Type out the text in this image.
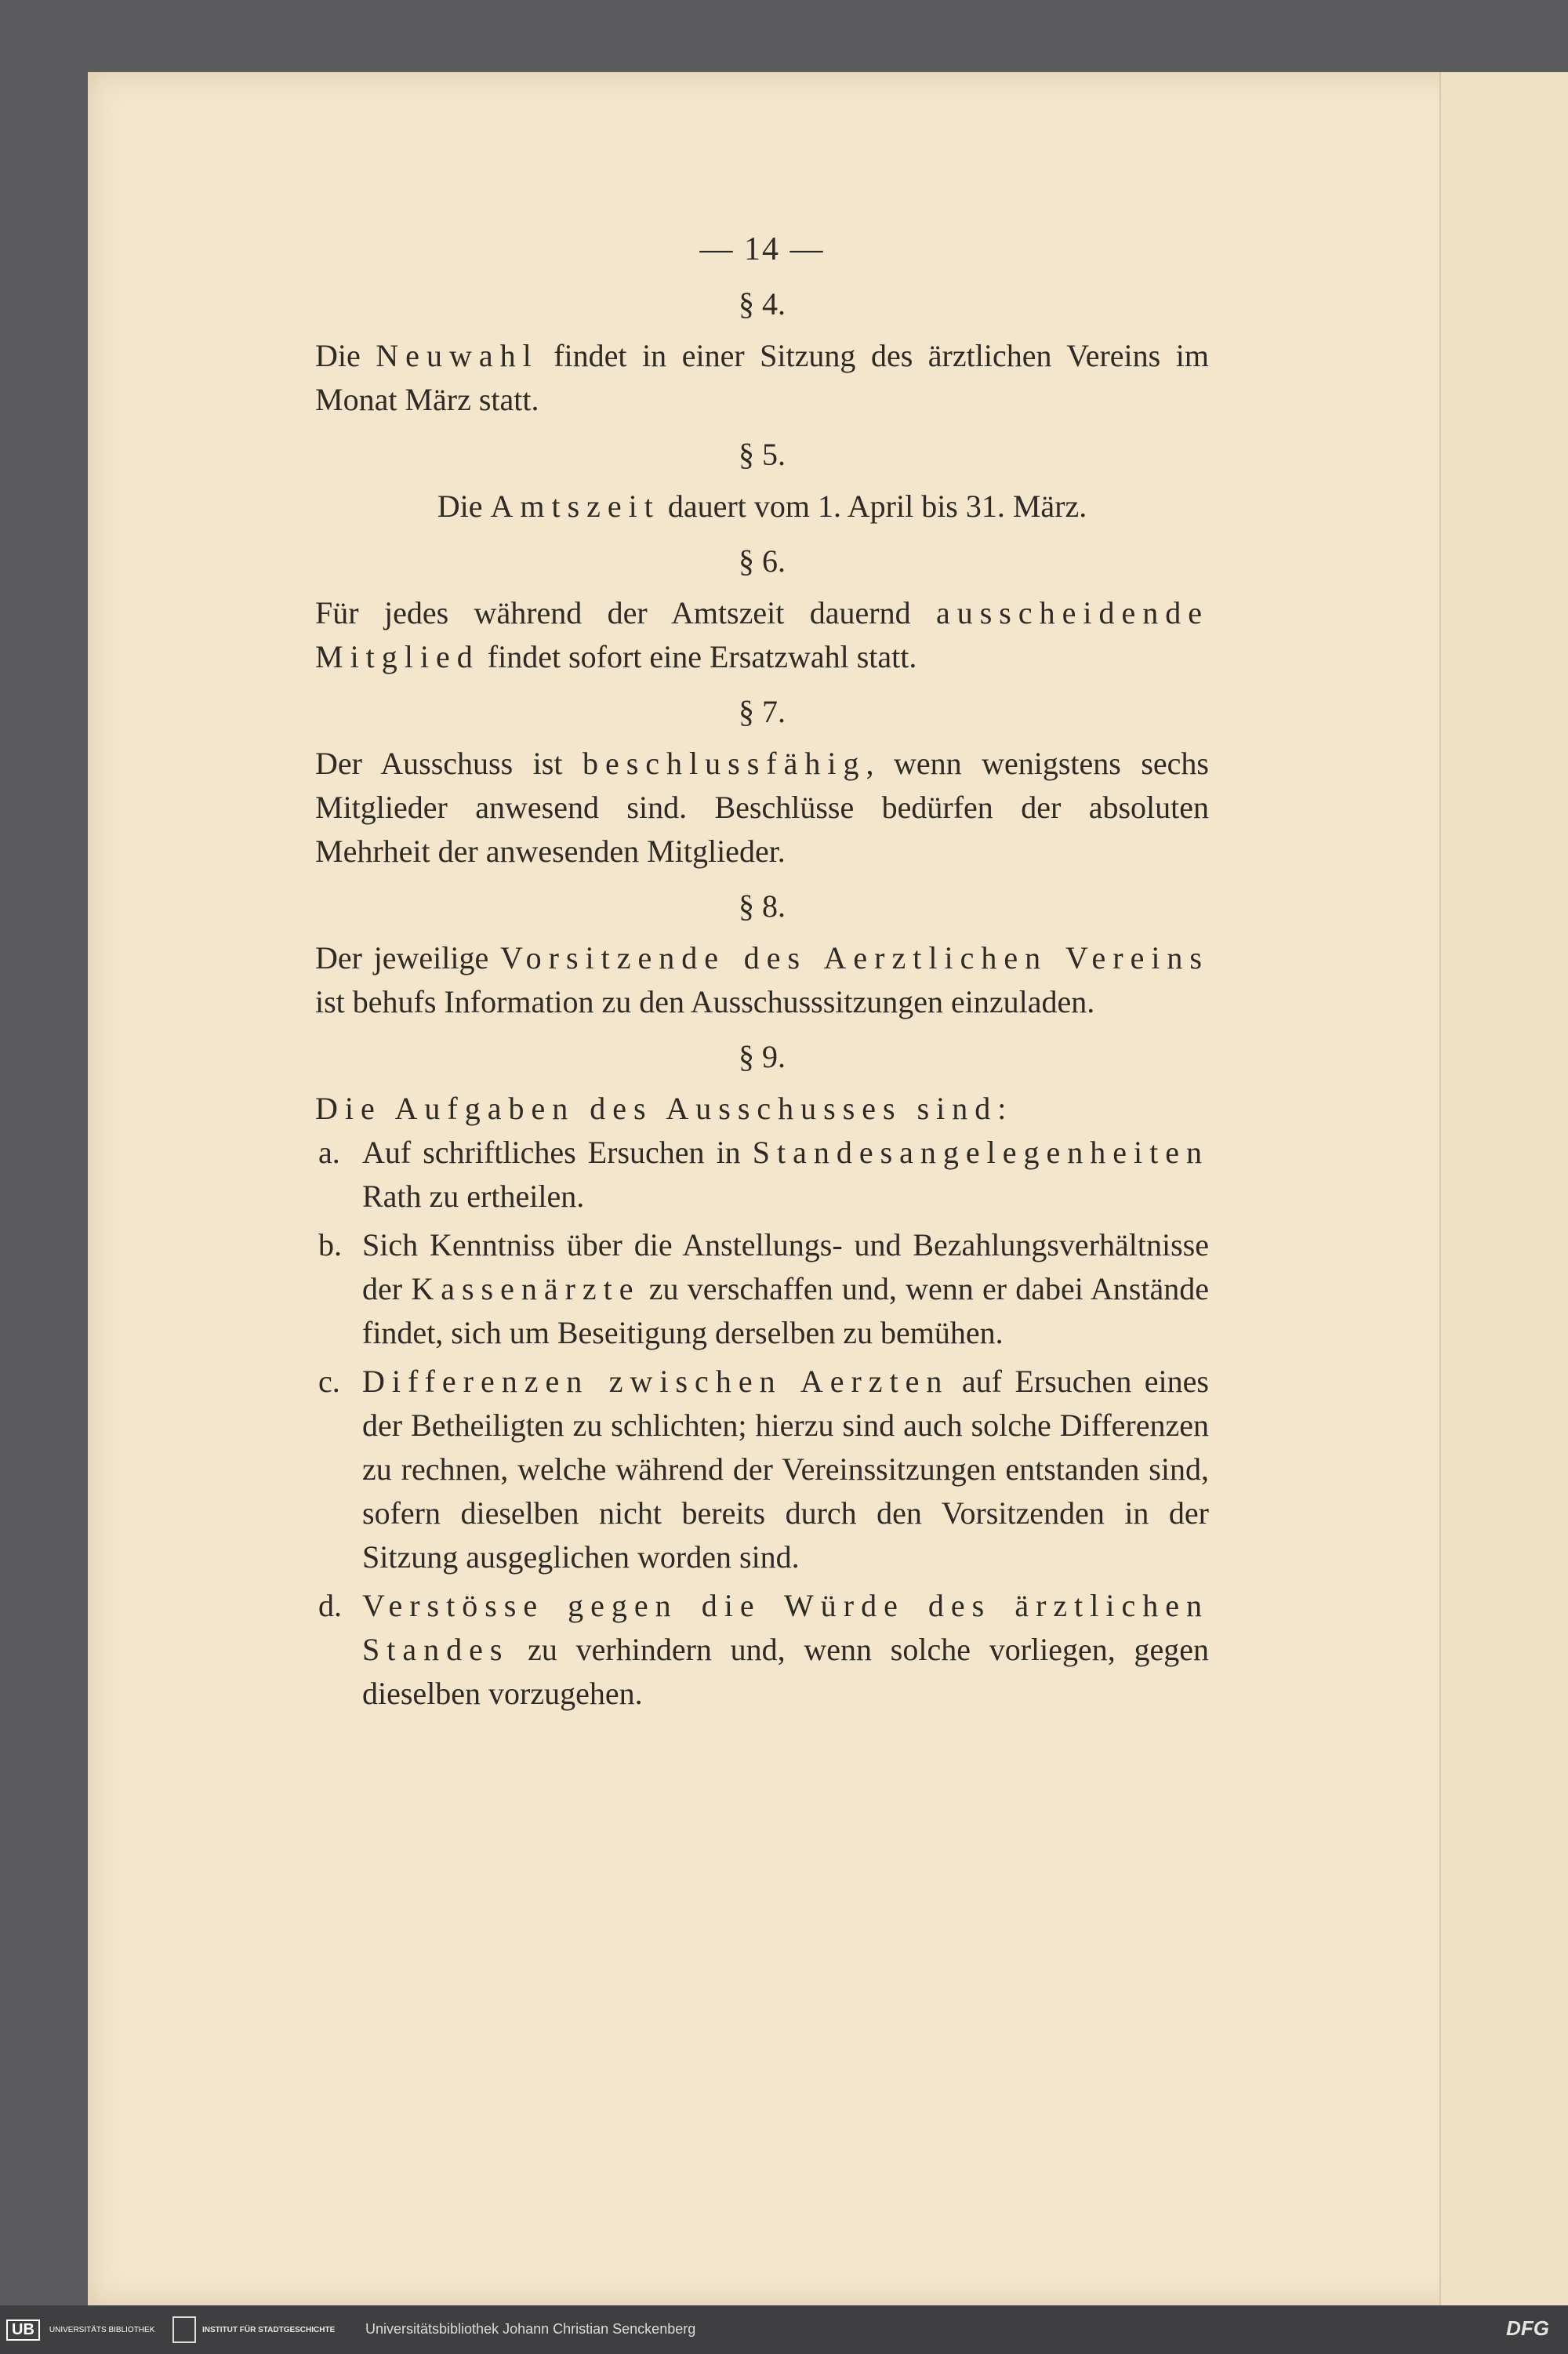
— 14 —
§ 4.

Die Neuwahl findet in einer Sitzung des ärztlichen Vereins im Monat März statt.

§ 5.

Die Amtszeit dauert vom 1. April bis 31. März.

§ 6.

Für jedes während der Amtszeit dauernd ausscheidende Mitglied findet sofort eine Ersatzwahl statt.

§ 7.

Der Ausschuss ist beschlussfähig, wenn wenigstens sechs Mitglieder anwesend sind. Beschlüsse bedürfen der absoluten Mehrheit der anwesenden Mitglieder.

§ 8.

Der jeweilige Vorsitzende des Aerztlichen Vereins ist behufs Information zu den Ausschusssitzungen einzuladen.

§ 9.

Die Aufgaben des Ausschusses sind:

a. Auf schriftliches Ersuchen in Standesangelegenheiten Rath zu ertheilen.
b. Sich Kenntniss über die Anstellungs- und Bezahlungsverhältnisse der Kassenärzte zu verschaffen und, wenn er dabei Anstände findet, sich um Beseitigung derselben zu bemühen.
c. Differenzen zwischen Aerzten auf Ersuchen eines der Betheiligten zu schlichten; hierzu sind auch solche Differenzen zu rechnen, welche während der Vereinssitzungen entstanden sind, sofern dieselben nicht bereits durch den Vorsitzenden in der Sitzung ausgeglichen worden sind.
d. Verstösse gegen die Würde des ärztlichen Standes zu verhindern und, wenn solche vorliegen, gegen dieselben vorzugehen.
UB	UNIVERSITÄTS BIBLIOTHEK	INSTITUT FÜR STADTGESCHICHTE Universitätsbibliothek Johann Christian Senckenberg	DFG
